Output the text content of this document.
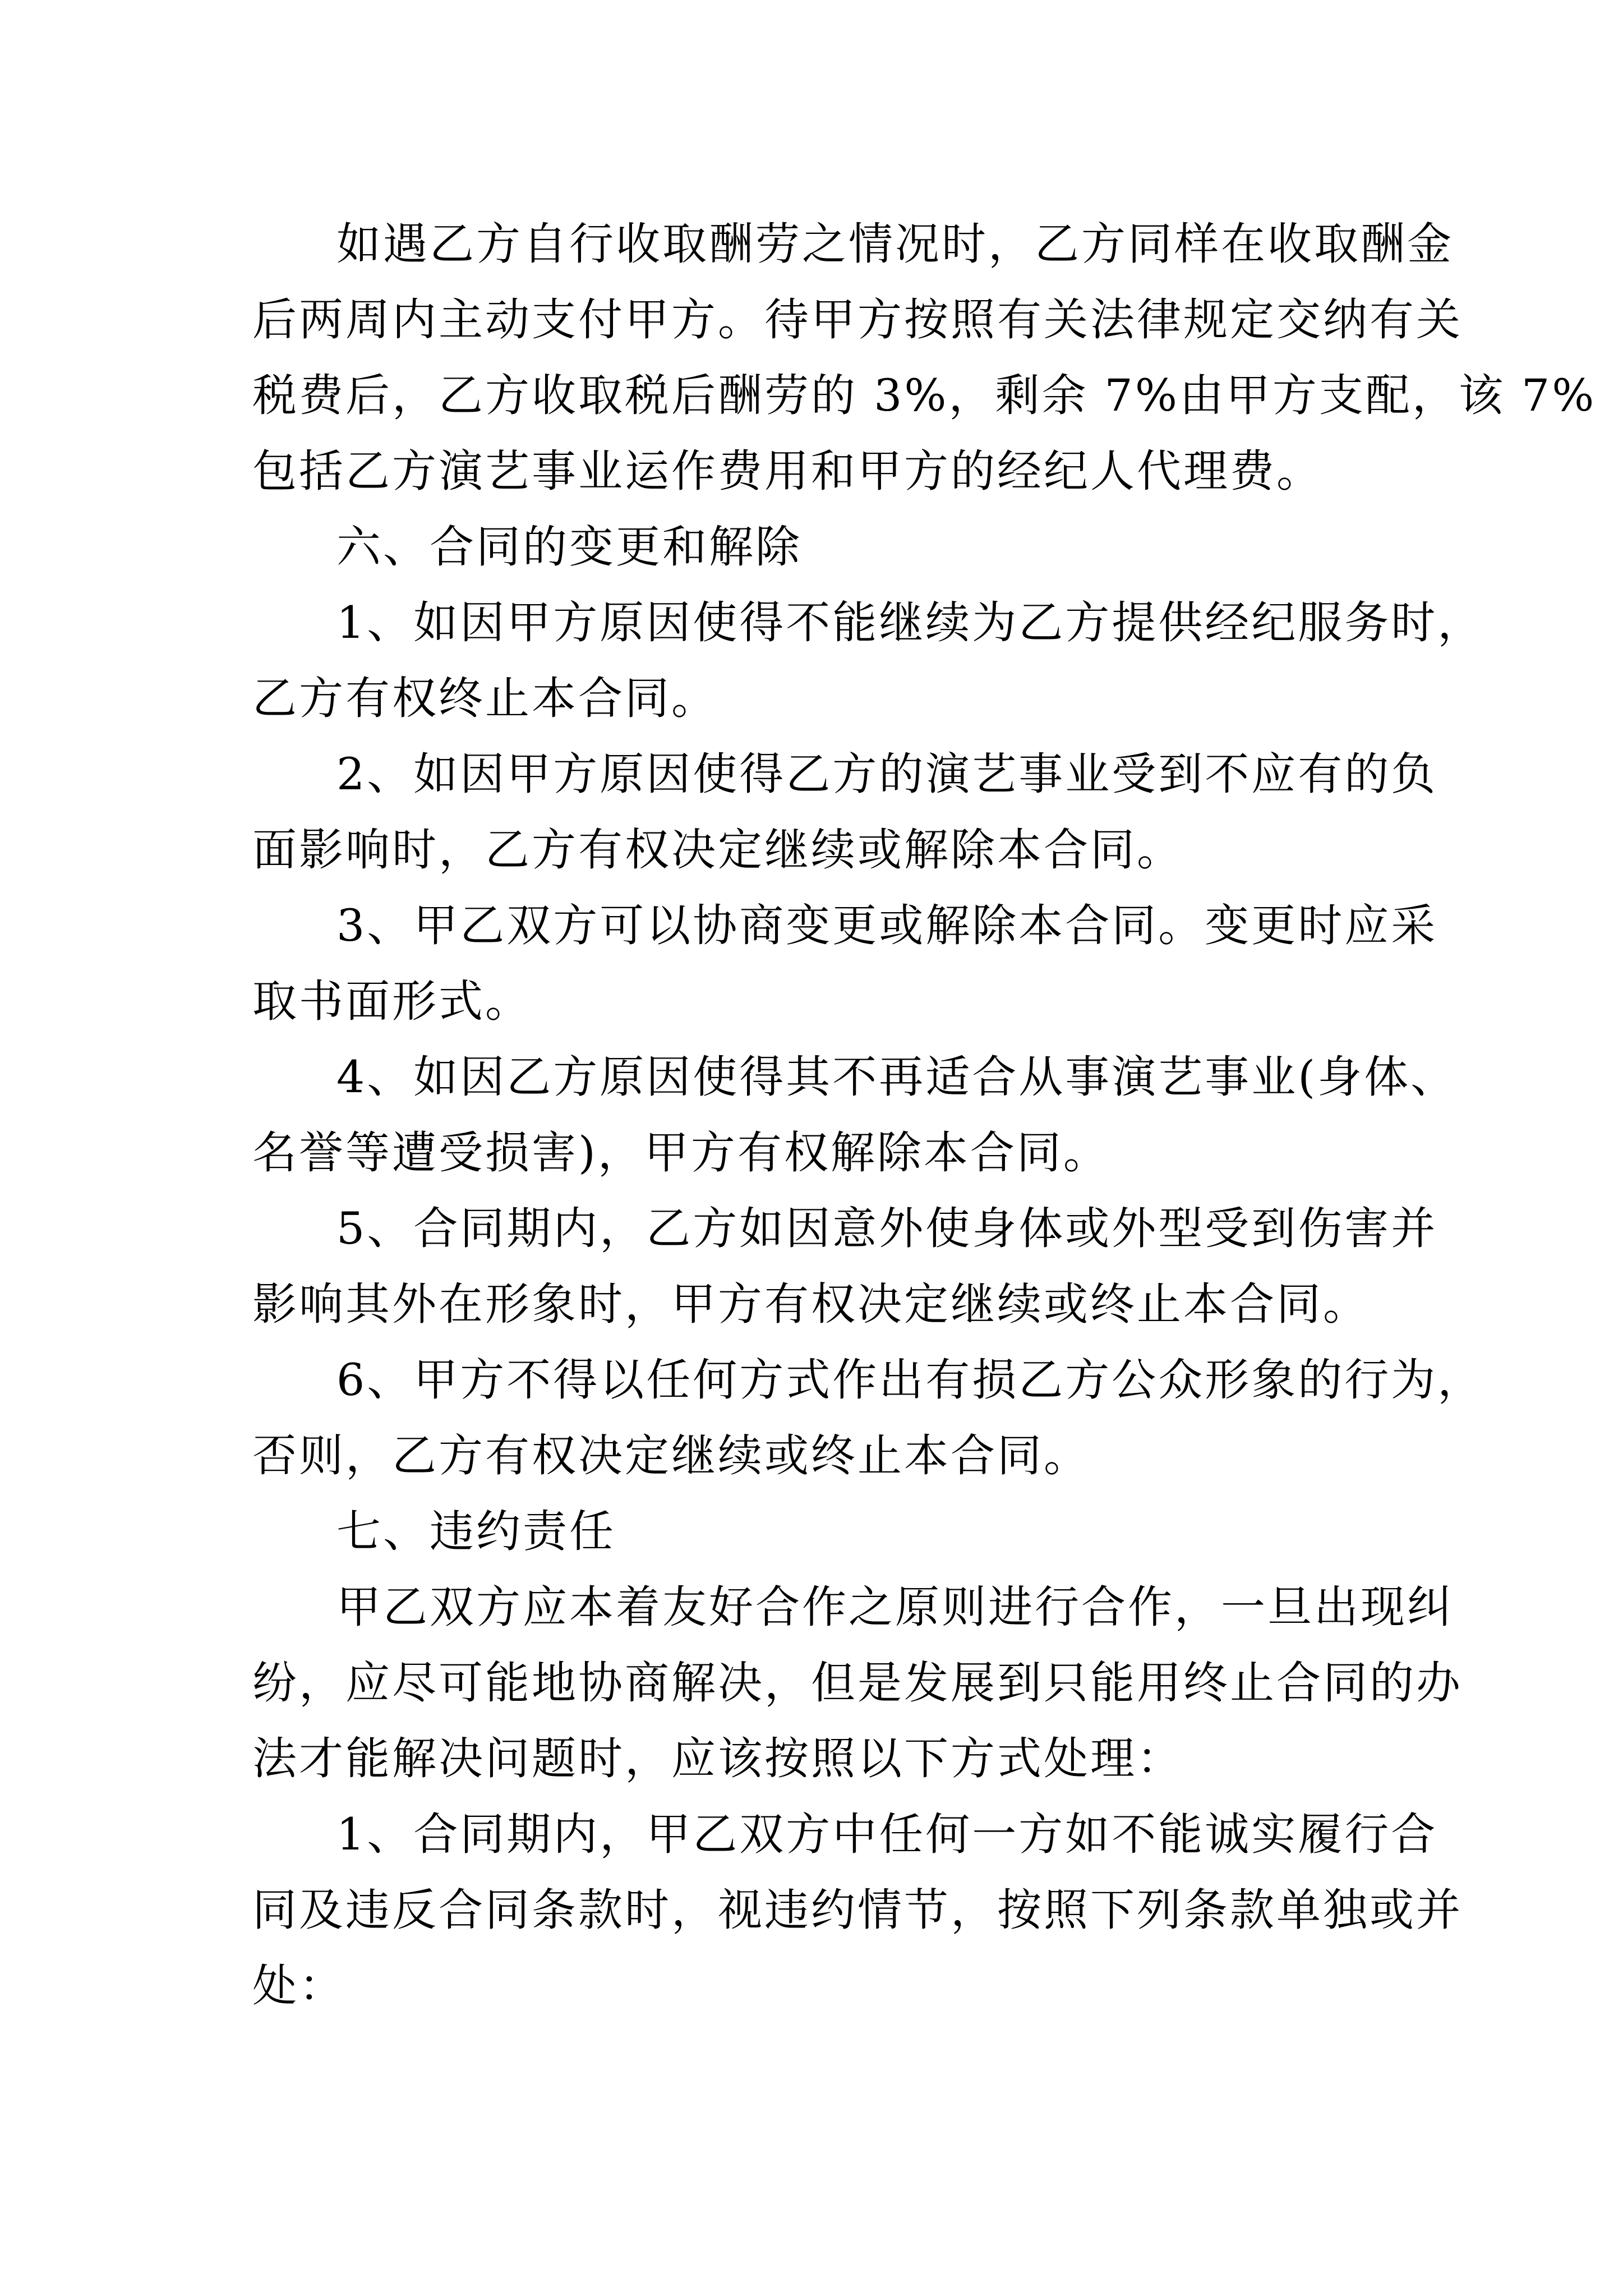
如遇乙方自行收取酬劳之情况时，乙方同样在收取酬金
后两周内主动支付甲方。待甲方按照有关法律规定交纳有关
税费后，乙方收取税后酬劳的 3%，剩余 7%由甲方支配，该 7%
包括乙方演艺事业运作费用和甲方的经纪人代理费。
六、合同的变更和解除
1、如因甲方原因使得不能继续为乙方提供经纪服务时，
乙方有权终止本合同。
2、如因甲方原因使得乙方的演艺事业受到不应有的负
面影响时，乙方有权决定继续或解除本合同。
3、甲乙双方可以协商变更或解除本合同。变更时应采
取书面形式。
4、如因乙方原因使得其不再适合从事演艺事业(身体、
名誉等遭受损害)，甲方有权解除本合同。
5、合同期内，乙方如因意外使身体或外型受到伤害并
影响其外在形象时，甲方有权决定继续或终止本合同。
6、甲方不得以任何方式作出有损乙方公众形象的行为，
否则，乙方有权决定继续或终止本合同。
七、违约责任
甲乙双方应本着友好合作之原则进行合作，一旦出现纠
纷，应尽可能地协商解决，但是发展到只能用终止合同的办
法才能解决问题时，应该按照以下方式处理：
1、合同期内，甲乙双方中任何一方如不能诚实履行合
同及违反合同条款时，视违约情节，按照下列条款单独或并
处：
